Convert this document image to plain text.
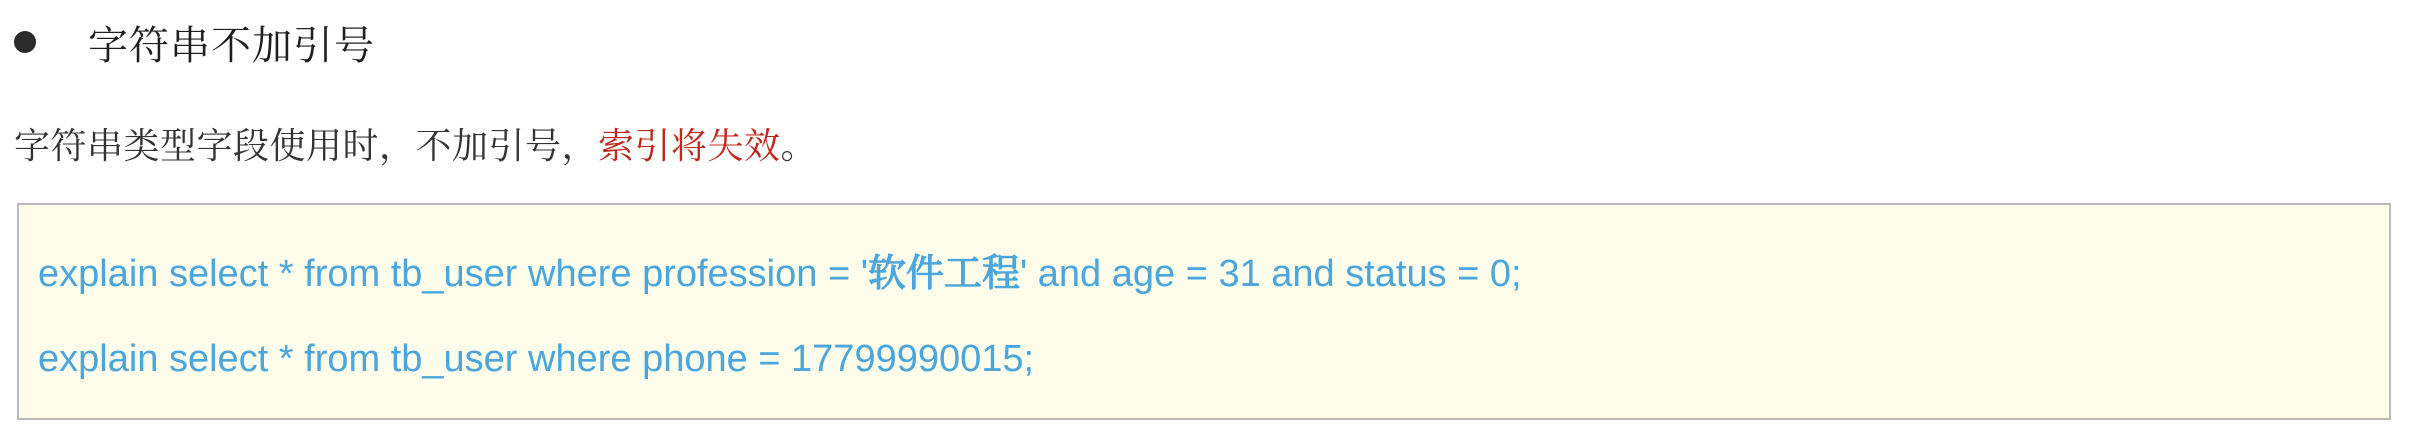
字符串不加引号
字符串类型字段使用时，不加引号，索引将失效。
explain select * from tb_user where profession = '软件工程' and age = 31 and status = 0;
explain select * from tb_user where phone = 17799990015;
